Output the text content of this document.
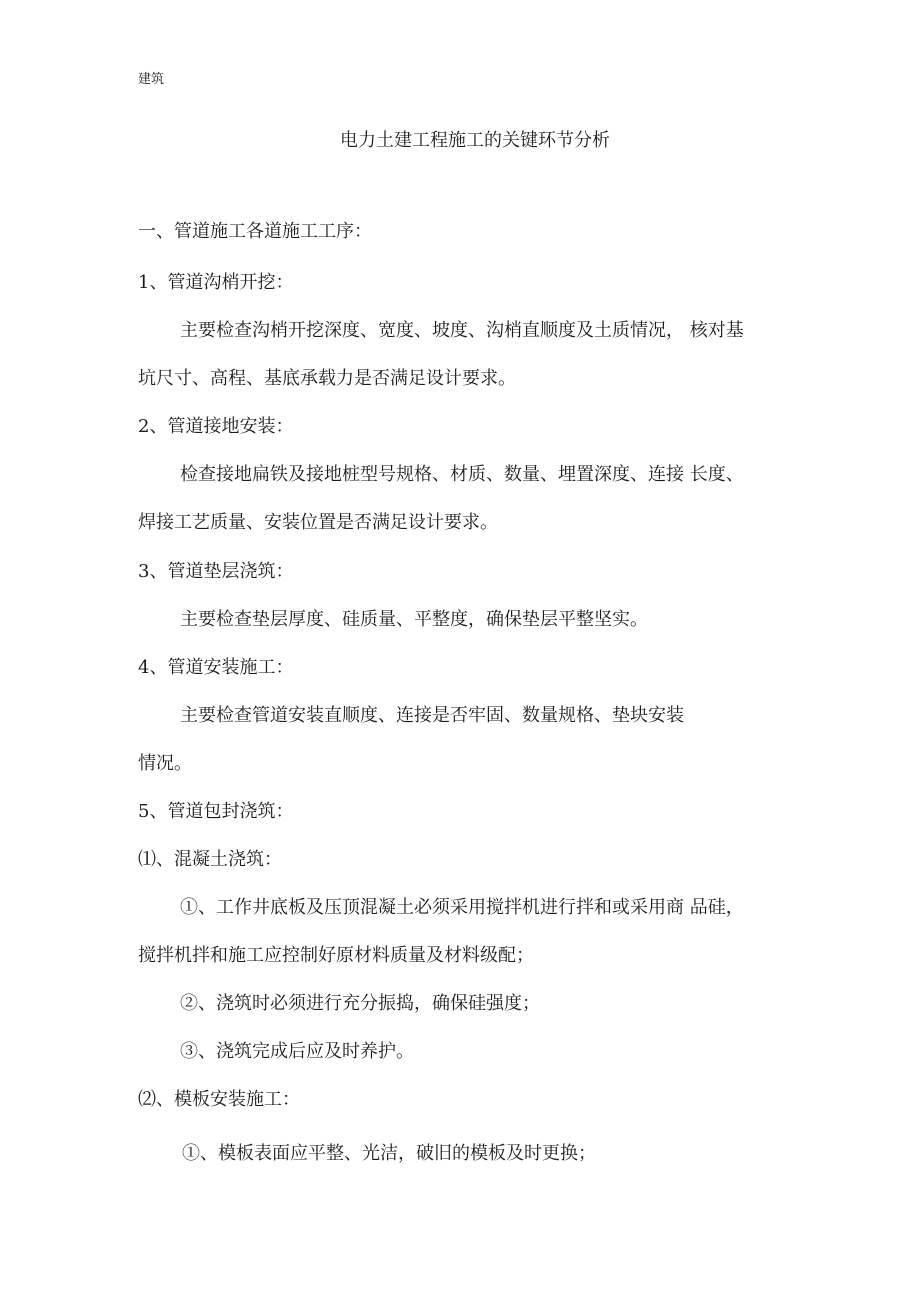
建筑
电力土建工程施工的关键环节分析
一、管道施工各道施工工序：
1、管道沟梢开挖：
主要检查沟梢开挖深度、宽度、坡度、沟梢直顺度及土质情况， 核对基
坑尺寸、高程、基底承载力是否满足设计要求。
2、管道接地安装：
检查接地扁铁及接地桩型号规格、材质、数量、埋置深度、连接 长度、
焊接工艺质量、安装位置是否满足设计要求。
3、管道垫层浇筑：
主要检查垫层厚度、硅质量、平整度，确保垫层平整坚实。
4、管道安装施工：
主要检查管道安装直顺度、连接是否牢固、数量规格、垫块安装
情况。
5、管道包封浇筑：
⑴、混凝土浇筑：
①、工作井底板及压顶混凝土必须采用搅拌机进行拌和或采用商 品硅，
搅拌机拌和施工应控制好原材料质量及材料级配；
②、浇筑时必须进行充分振捣，确保硅强度；
③、浇筑完成后应及时养护。
⑵、模板安装施工：
①、模板表面应平整、光洁，破旧的模板及时更换；
